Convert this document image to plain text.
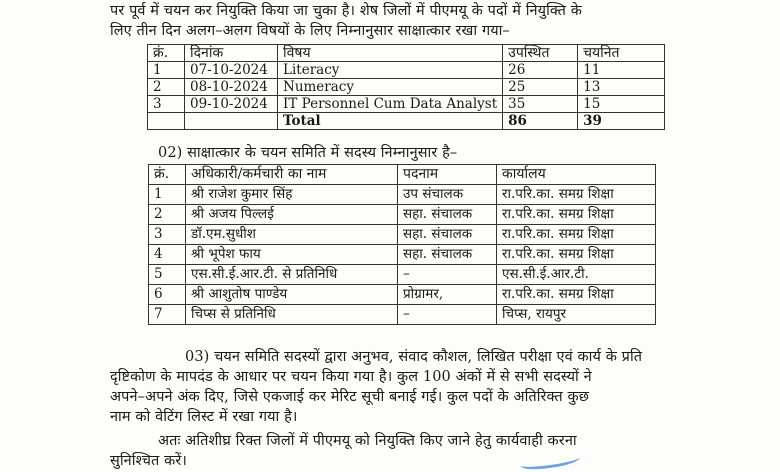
पर पूर्व में चयन कर नियुक्ति किया जा चुका है। शेष जिलों में पीएमयू के पदों में नियुक्ति के
लिए तीन दिन अलग–अलग विषयों के लिए निम्नानुसार साक्षात्कार रखा गया–
क्रं.	दिनांक	विषय	उपस्थित	चयनित
1	07-10-2024	Literacy	26	11
2	08-10-2024	Numeracy	25	13
3	09-10-2024	IT Personnel Cum Data Analyst	35	15
		Total	86	39
02) साक्षात्कार के चयन समिति में सदस्य निम्नानुसार है–
क्रं.	अधिकारी/कर्मचारी का नाम	पदनाम	कार्यालय
1	श्री राजेश कुमार सिंह	उप संचालक	रा.परि.का. समग्र शिक्षा
2	श्री अजय पिल्लई	सहा. संचालक	रा.परि.का. समग्र शिक्षा
3	डॉ.एम.सुधीश	सहा. संचालक	रा.परि.का. समग्र शिक्षा
4	श्री भूपेश फाय	सहा. संचालक	रा.परि.का. समग्र शिक्षा
5	एस.सी.ई.आर.टी. से प्रतिनिधि	–	एस.सी.ई.आर.टी.
6	श्री आशुतोष पाण्डेय	प्रोग्रामर,	रा.परि.का. समग्र शिक्षा
7	चिप्स से प्रतिनिधि	–	चिप्स, रायपुर
03) चयन समिति सदस्यों द्वारा अनुभव, संवाद कौशल, लिखित परीक्षा एवं कार्य के प्रति
दृष्टिकोण के मापदंड के आधार पर चयन किया गया है। कुल 100 अंकों में से सभी सदस्यों ने
अपने–अपने अंक दिए, जिसे एकजाई कर मेरिट सूची बनाई गई। कुल पदों के अतिरिक्त कुछ
नाम को वेटिंग लिस्ट में रखा गया है।
अतः अतिशीघ्र रिक्त जिलों में पीएमयू को नियुक्ति किए जाने हेतु कार्यवाही करना
सुनिश्चित करें।
